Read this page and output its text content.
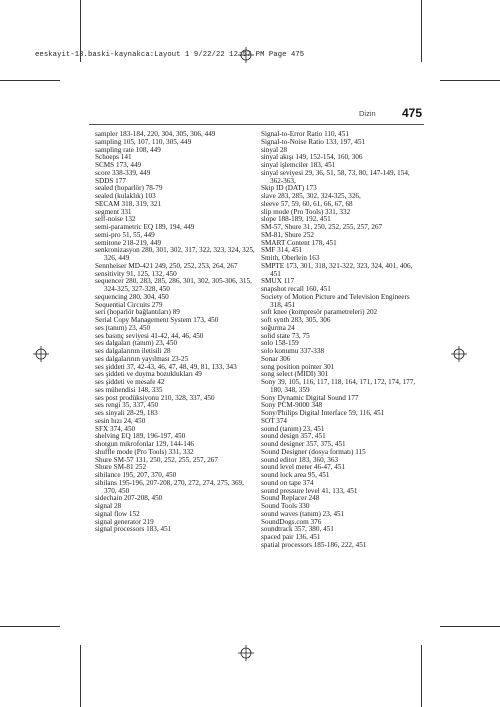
eeskayit-13.baski-kaynakca:Layout 1 9/22/22 12:57 PM Page 475
Dizin 475
sampler 183-184, 220, 304, 305, 306, 449
sampling 105, 107, 110, 305, 449
sampling rate 108, 449
Schoeps 141
SCMS 173, 449
score 338-339, 449
SDDS 177
sealed (hoparlör) 78-79
sealed (kulaklık) 103
SECAM 318, 319, 321
segment 331
self-noise 132
semi-parametric EQ 189, 194, 449
semi-pro 51, 55, 449
semitone 218-219, 449
senkronizasyon 280, 301, 302, 317, 322, 323, 324, 325, 326, 449
Sennheiser MD-421 249, 250, 252, 253, 264, 267
sensitivity 91, 125, 132, 450
sequencer 280, 283, 285, 286, 301, 302, 305-306, 315, 324-325, 327-328, 450
sequencing 280, 304, 450
Sequential Circuits 279
seri (hoparlör bağlantıları) 89
Serial Copy Management System 173, 450
ses (tanım) 23, 450
ses basınç seviyesi 41-42, 44, 46, 450
ses dalgaları (tanım) 23, 450
ses dalgalarının iletisili 28
ses dalgalarının yayılması 23-25
ses şiddeti 37, 42-43, 46, 47, 48, 49, 81, 133, 343
ses şiddeti ve duyma bozuklukları 49
ses şiddeti ve mesafe 42
ses mühendisi 148, 335
ses post prodüksiyonu 210, 328, 337, 450
ses rengi 35, 337, 450
ses sinyali 28-29, 183
sesin hızı 24, 450
SFX 374, 450
shelving EQ 189, 196-197, 450
shotgun mikrofonlar 129, 144-146
shuffle mode (Pro Tools) 331, 332
Shure SM-57 131, 250, 252, 255, 257, 267
Shure SM-81 252
sibilance 195, 207, 370, 450
sibilans 195-196, 207-208, 270, 272, 274, 275, 369, 370, 450
sidechain 207-208, 450
signal 28
signal flow 152
signal generator 219
signal processors 183, 451
Signal-to-Error Ratio 110, 451
Signal-to-Noise Ratio 133, 197, 451
sinyal 28
sinyal akışı 149, 152-154, 160, 306
sinyal işlemciler 183, 451
sinyal seviyesi 29, 36, 51, 58, 73, 80, 147-149, 154, 362-363,
Skip ID (DAT) 173
slave 283, 285, 302, 324-325, 326,
sleeve 57, 59, 60, 61, 66, 67, 68
slip mode (Pro Tools) 331, 332
slope 188-189, 192, 451
SM-57, Shure 31, 250, 252, 255, 257, 267
SM-81, Shure 252
SMART Content 178, 451
SMF 314, 451
Smith, Oberlein 163
SMPTE 173, 301, 318, 321-322, 323, 324, 401, 406, 451
SMUX 117
snapshot recall 160, 451
Society of Motion Picture and Television Engineers 318, 451
soft knee (kompresör parametreleri) 202
soft synth 283, 305, 306
soğurma 24
solid state 73, 75
solo 158-159
solo konumu 337-338
Sonar 306
song position pointer 301
song select (MIDI) 301
Sony 39, 105, 116, 117, 118, 164, 171, 172, 174, 177, 180, 348, 359
Sony Dynamic Digital Sound 177
Sony PCM-9000 348
Sony/Philips Digital Interface 59, 116, 451
SOT 374
sound (tanım) 23, 451
sound design 357, 451
sound designer 357, 375, 451
Sound Designer (dosya formatı) 115
sound editor 183, 360, 363
sound level meter 46-47, 451
sound lock area 95, 451
sound on tape 374
sound pressure level 41, 133, 451
Sound Replacer 248
Sound Tools 330
sound waves (tanım) 23, 451
SoundDogs.com 376
soundtrack 357, 380, 451
spaced pair 136, 451
spatial processors 185-186, 222, 451
